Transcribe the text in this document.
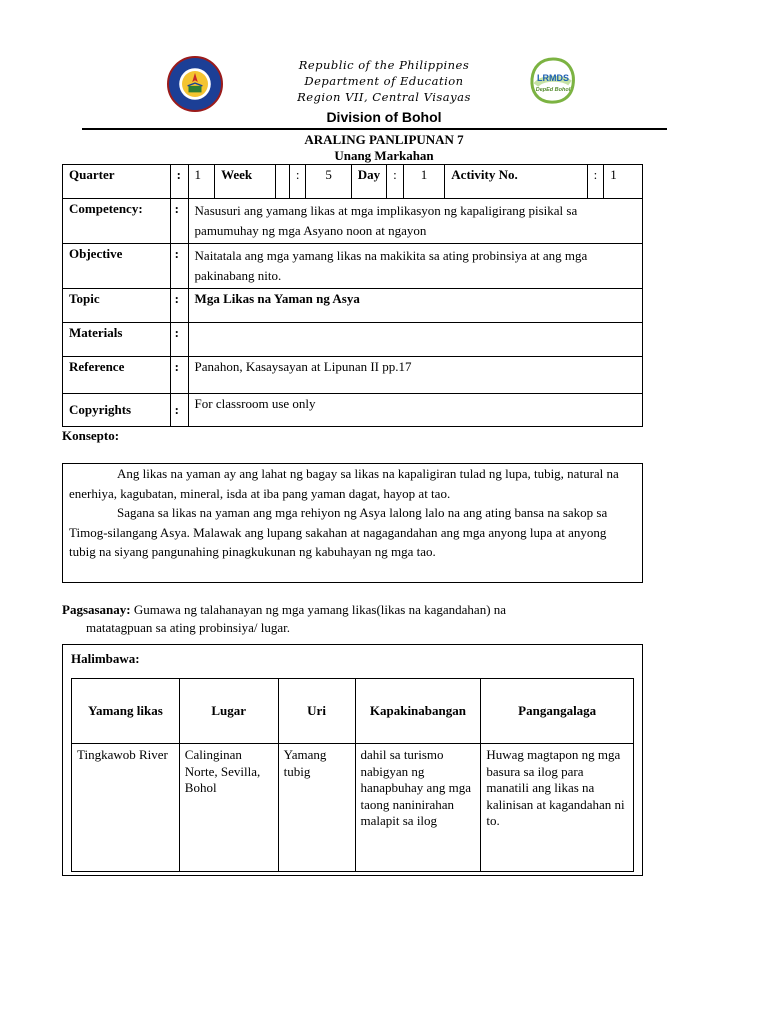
Republic of the Philippines
Department of Education
Region VII, Central Visayas
Division of Bohol
LRMDS
DepEd Bohol
ARALING PANLIPUNAN 7
Unang Markahan
Quarter	:	1	Week		:	5	Day	:	1	Activity No.	:	1
Competency:	:	Nasusuri ang yamang likas at mga implikasyon ng kapaligirang pisikal sa pamumuhay ng mga Asyano noon at ngayon										
Objective	:	Naitatala ang mga yamang likas na makikita sa ating probinsiya at ang mga pakinabang nito.										
Topic	:	Mga Likas na Yaman ng Asya										
Materials	:											
Reference	:	Panahon, Kasaysayan at Lipunan II pp.17										
Copyrights	:	For classroom use only										
Konsepto:

Ang likas na yaman ay ang lahat ng bagay sa likas na kapaligiran tulad ng lupa, tubig, natural na enerhiya, kagubatan, mineral, isda at iba pang yaman dagat, hayop at tao.

Sagana sa likas na yaman ang mga rehiyon ng Asya lalong lalo na ang ating bansa na sakop sa Timog-silangang Asya. Malawak ang lupang sakahan at nagagandahan ang mga anyong lupa at anyong tubig na siyang pangunahing pinagkukunan ng kabuhayan ng mga tao.

Pagsasanay: Gumawa ng talahanayan ng mga yamang likas(likas na kagandahan) na
matatagpuan sa ating probinsiya/ lugar.
Halimbawa:
Yamang likas	Lugar	Uri	Kapakinabangan	Pangangalaga
Tingkawob River	Calinginan Norte, Sevilla, Bohol	Yamang tubig	dahil sa turismo nabigyan ng hanapbuhay ang mga taong naninirahan malapit sa ilog	Huwag magtapon ng mga basura sa ilog para manatili ang likas na kalinisan at kagandahan ni to.
